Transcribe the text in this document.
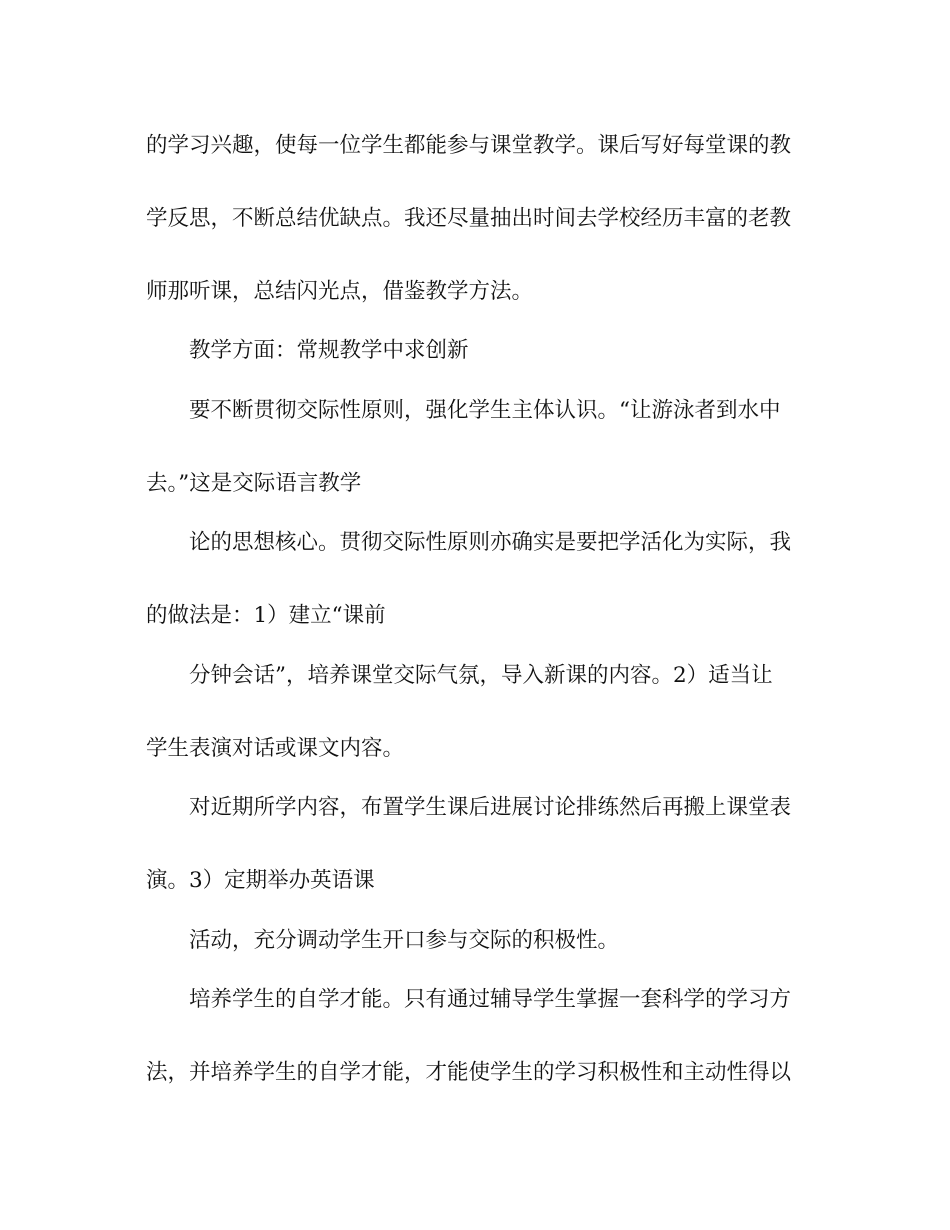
的学习兴趣，使每一位学生都能参与课堂教学。课后写好每堂课的教

学反思，不断总结优缺点。我还尽量抽出时间去学校经历丰富的老教

师那听课，总结闪光点，借鉴教学方法。

教学方面：常规教学中求创新

要不断贯彻交际性原则，强化学生主体认识。“让游泳者到水中

去。”这是交际语言教学

论的思想核心。贯彻交际性原则亦确实是要把学活化为实际，我

的做法是：1）建立“课前

分钟会话”，培养课堂交际气氛，导入新课的内容。2）适当让

学生表演对话或课文内容。

对近期所学内容，布置学生课后进展讨论排练然后再搬上课堂表

演。3）定期举办英语课

活动，充分调动学生开口参与交际的积极性。

培养学生的自学才能。只有通过辅导学生掌握一套科学的学习方

法，并培养学生的自学才能，才能使学生的学习积极性和主动性得以
